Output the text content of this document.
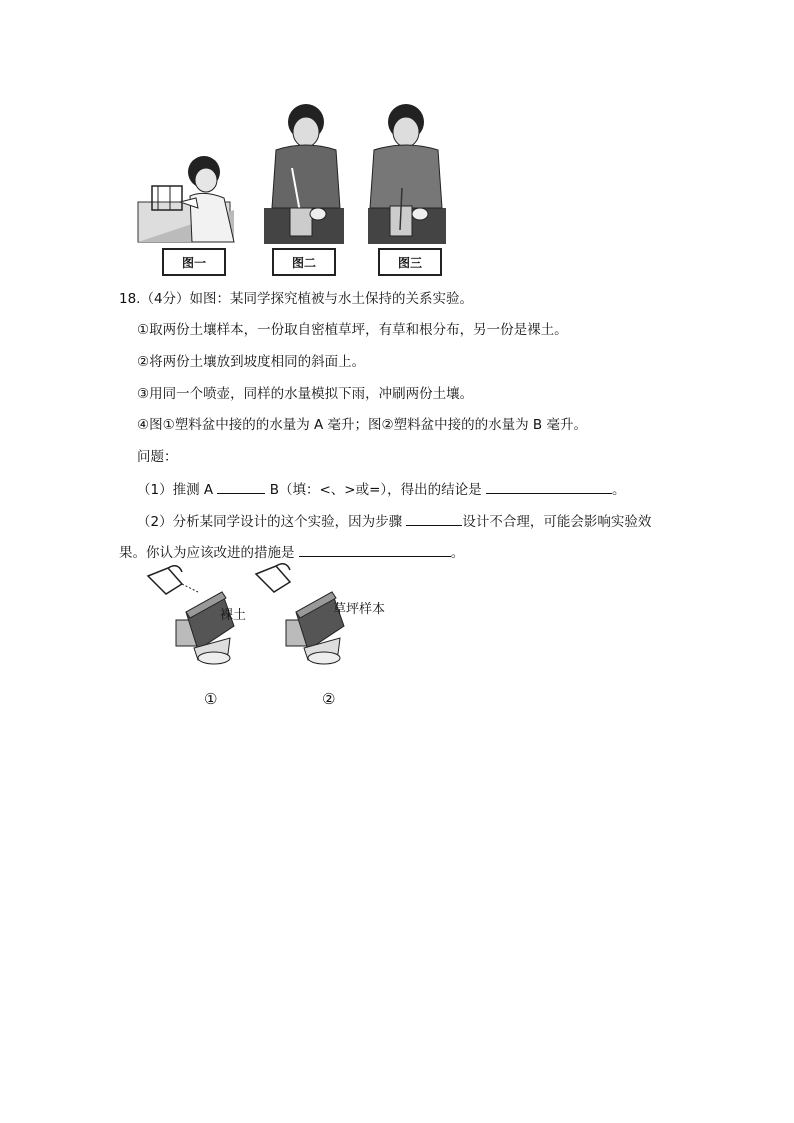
图一	图二	图三
18.（4分）如图：某同学探究植被与水土保持的关系实验。
①取两份土壤样本，一份取自密植草坪，有草和根分布，另一份是裸土。
②将两份土壤放到坡度相同的斜面上。
③用同一个喷壶，同样的水量模拟下雨，冲刷两份土壤。
④图①塑料盆中接的的水量为 A 毫升；图②塑料盆中接的的水量为 B 毫升。
问题：
（1）推测 A	B（填：<、>或=），得出的结论是	。
（2）分析某同学设计的这个实验，因为步骤	设计不合理，可能会影响实验效
果。你认为应该改进的措施是	。
裸土	草坪样本
①	②
